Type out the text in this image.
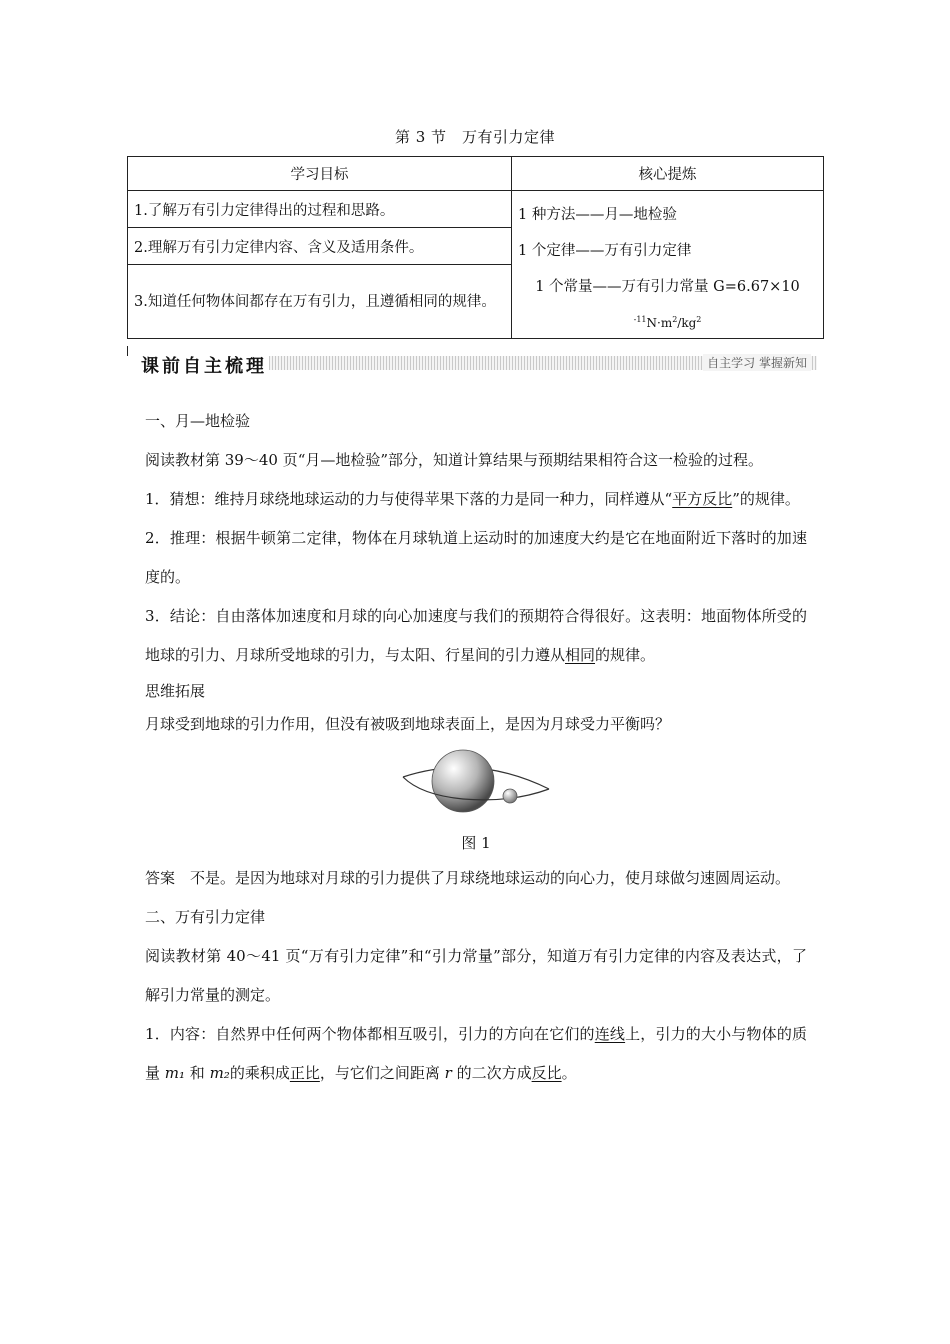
第 3 节　万有引力定律
学习目标	核心提炼
1.了解万有引力定律得出的过程和思路。	1 种方法——月—地检验
1 个定律——万有引力定律
1 个常量——万有引力常量 G=6.67×10
$^{-11}N\cdot m^2/kg^2$

2.理解万有引力定律内容、含义及适用条件。	
3.知道任何物体间都存在万有引力，且遵循相同的规律。	
课前自主梳理	自主学习 掌握新知

一、月—地检验

阅读教材第 39～40 页“月—地检验”部分，知道计算结果与预期结果相符合这一检验的过程。

1．猜想：维持月球绕地球运动的力与使得苹果下落的力是同一种力，同样遵从“平方反比”的规律。

2．推理：根据牛顿第二定律，物体在月球轨道上运动时的加速度大约是它在地面附近下落时的加速度的。

3．结论：自由落体加速度和月球的向心加速度与我们的预期符合得很好。这表明：地面物体所受的地球的引力、月球所受地球的引力，与太阳、行星间的引力遵从相同的规律。

思维拓展

月球受到地球的引力作用，但没有被吸到地球表面上，是因为月球受力平衡吗？

图 1

答案　不是。是因为地球对月球的引力提供了月球绕地球运动的向心力，使月球做匀速圆周运动。

二、万有引力定律

阅读教材第 40～41 页“万有引力定律”和“引力常量”部分，知道万有引力定律的内容及表达式，了解引力常量的测定。

1．内容：自然界中任何两个物体都相互吸引，引力的方向在它们的连线上，引力的大小与物体的质量 m₁ 和 m₂的乘积成正比，与它们之间距离 r 的二次方成反比。
